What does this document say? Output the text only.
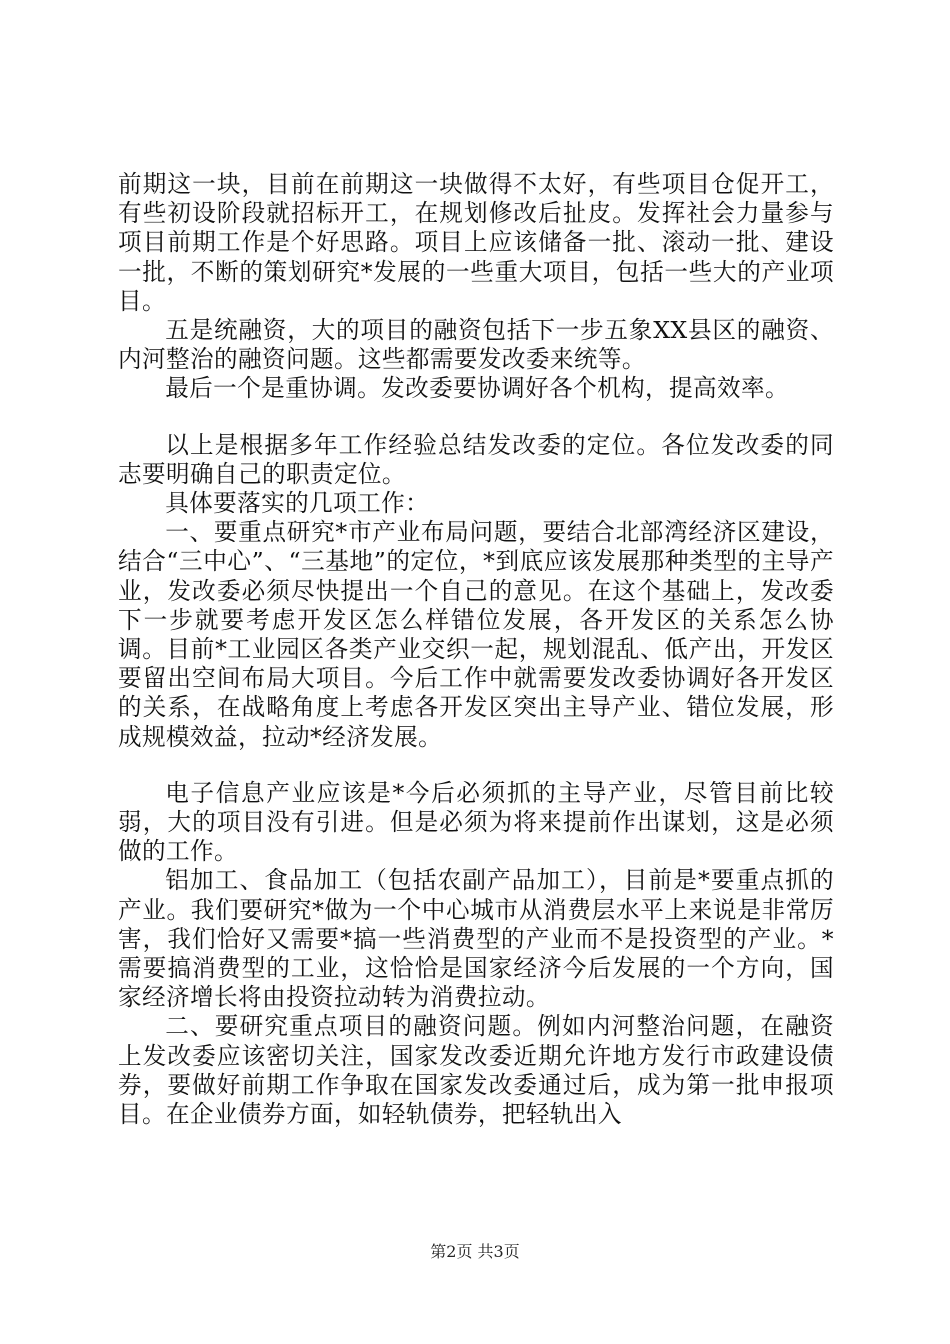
前期这一块，目前在前期这一块做得不太好，有些项目仓促开工，有些初设阶段就招标开工，在规划修改后扯皮。发挥社会力量参与项目前期工作是个好思路。项目上应该储备一批、滚动一批、建设一批，不断的策划研究*发展的一些重大项目，包括一些大的产业项目。

五是统融资，大的项目的融资包括下一步五象XX县区的融资、内河整治的融资问题。这些都需要发改委来统等。

最后一个是重协调。发改委要协调好各个机构，提高效率。

以上是根据多年工作经验总结发改委的定位。各位发改委的同志要明确自己的职责定位。

具体要落实的几项工作：

一、要重点研究*市产业布局问题，要结合北部湾经济区建设，结合“三中心”、“三基地”的定位，*到底应该发展那种类型的主导产业，发改委必须尽快提出一个自己的意见。在这个基础上，发改委下一步就要考虑开发区怎么样错位发展，各开发区的关系怎么协调。目前*工业园区各类产业交织一起，规划混乱、低产出，开发区要留出空间布局大项目。今后工作中就需要发改委协调好各开发区的关系，在战略角度上考虑各开发区突出主导产业、错位发展，形成规模效益，拉动*经济发展。

电子信息产业应该是*今后必须抓的主导产业，尽管目前比较弱，大的项目没有引进。但是必须为将来提前作出谋划，这是必须做的工作。

铝加工、食品加工（包括农副产品加工），目前是*要重点抓的产业。我们要研究*做为一个中心城市从消费层水平上来说是非常厉害，我们恰好又需要*搞一些消费型的产业而不是投资型的产业。*需要搞消费型的工业，这恰恰是国家经济今后发展的一个方向，国家经济增长将由投资拉动转为消费拉动。

二、要研究重点项目的融资问题。例如内河整治问题，在融资上发改委应该密切关注，国家发改委近期允许地方发行市政建设债券，要做好前期工作争取在国家发改委通过后，成为第一批申报项目。在企业债券方面，如轻轨债券，把轻轨出入

第2页 共3页
